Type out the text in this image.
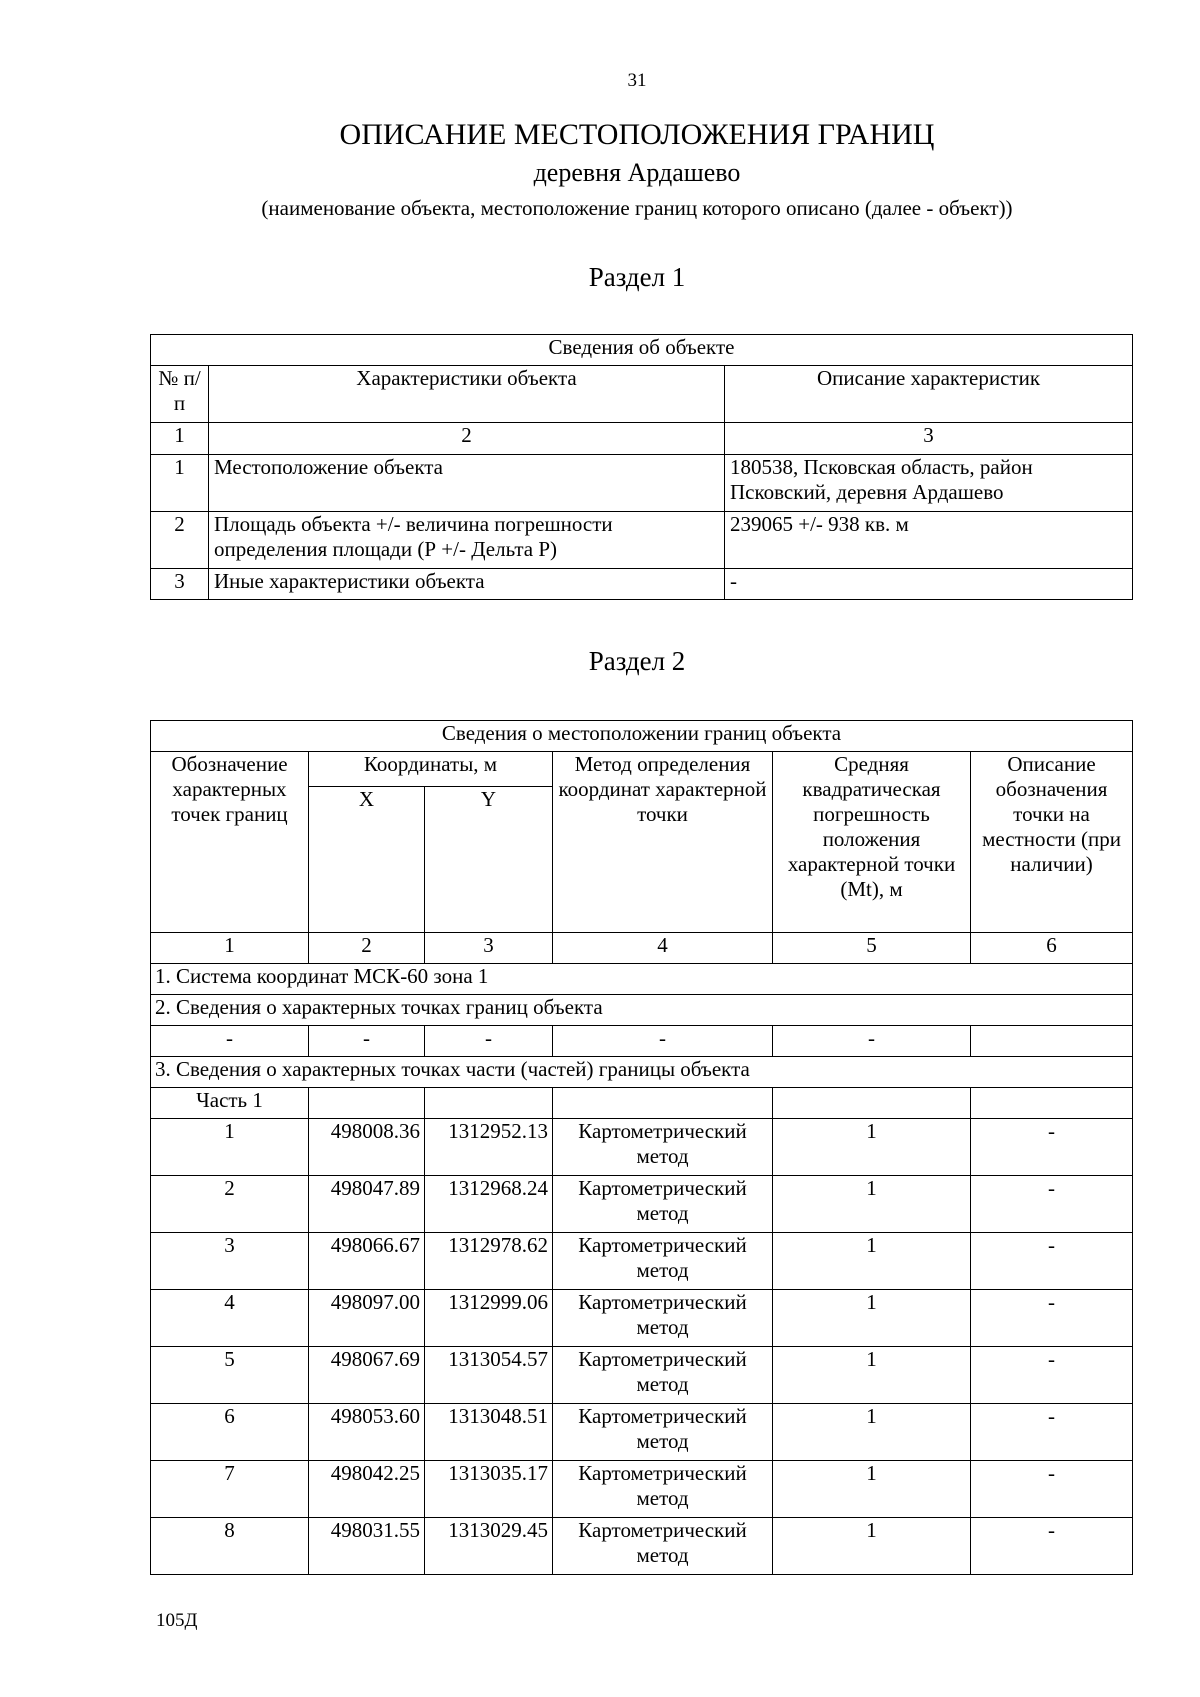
31
ОПИСАНИЕ МЕСТОПОЛОЖЕНИЯ ГРАНИЦ
деревня Ардашево
(наименование объекта, местоположение границ которого описано (далее - объект))
Раздел 1
Сведения об объекте		
№ п/п	Характеристики объекта	Описание характеристик
1	2	3
1	Местоположение объекта	180538, Псковская область, район Псковский, деревня Ардашево
2	Площадь объекта +/- величина погрешности определения площади (Р +/- Дельта Р)	239065 +/- 938 кв. м
3	Иные характеристики объекта	-
Раздел 2
Сведения о местоположении границ объекта					
Обозначение характерных точек границ	Координаты, м		Метод определения координат характерной точки	Средняя квадратическая погрешность положения характерной точки (Mt), м	Описание обозначения точки на местности (при наличии)
	X	Y			
1	2	3	4	5	6
1. Система координат МСК-60 зона 1					
2. Сведения о характерных точках границ объекта					
-	-	-	-	-	
3. Сведения о характерных точках части (частей) границы объекта					
Часть 1					
1	498008.36	1312952.13	Картометрический метод	1	-
2	498047.89	1312968.24	Картометрический метод	1	-
3	498066.67	1312978.62	Картометрический метод	1	-
4	498097.00	1312999.06	Картометрический метод	1	-
5	498067.69	1313054.57	Картометрический метод	1	-
6	498053.60	1313048.51	Картометрический метод	1	-
7	498042.25	1313035.17	Картометрический метод	1	-
8	498031.55	1313029.45	Картометрический метод	1	-
105Д
